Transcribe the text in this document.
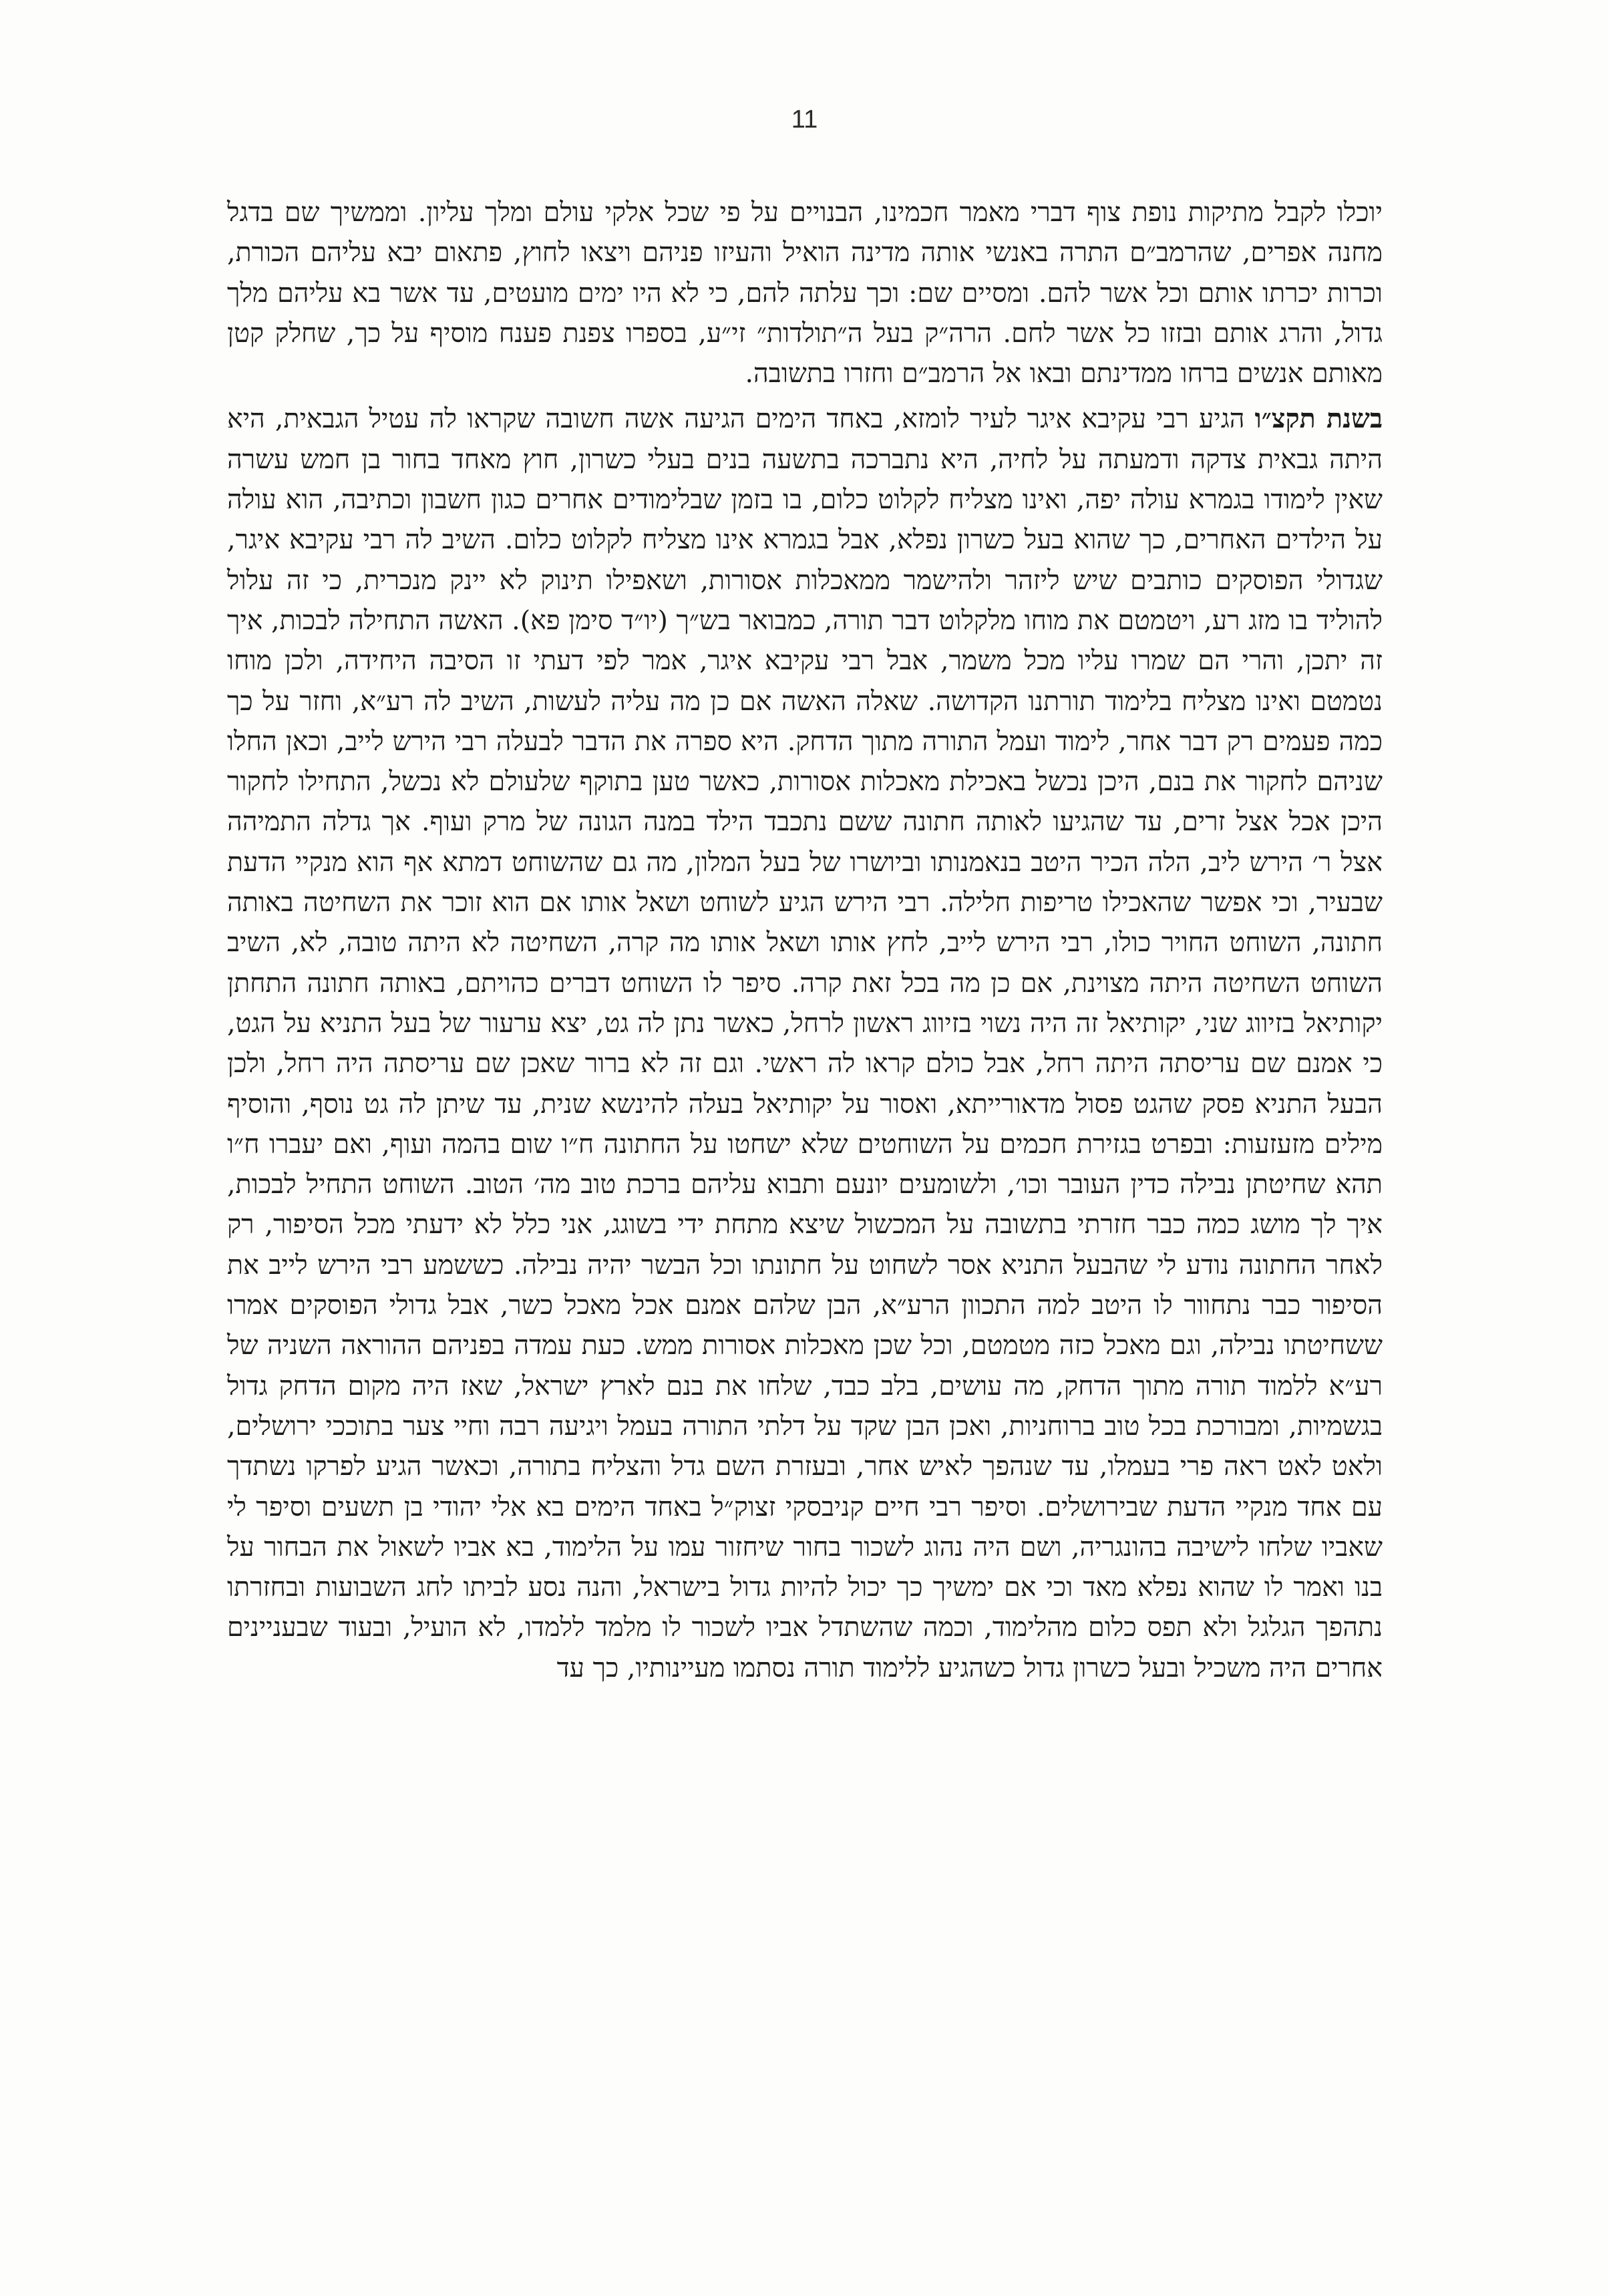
11

יוכלו לקבל מתיקות נופת צוף דברי מאמר חכמינו, הבנויים על פי שכל אלקי עולם ומלך עליון. וממשיך שם בדגל מחנה אפרים, שהרמב״ם התרה באנשי אותה מדינה הואיל והעיזו פניהם ויצאו לחוץ, פתאום יבא עליהם הכורת, וכרות יכרתו אותם וכל אשר להם. ומסיים שם: וכך עלתה להם, כי לא היו ימים מועטים, עד אשר בא עליהם מלך גדול, והרג אותם ובזזו כל אשר לחם. הרה״ק בעל ה״תולדות״ זי״ע, בספרו צפנת פענח מוסיף על כך, שחלק קטן מאותם אנשים ברחו ממדינתם ובאו אל הרמב״ם וחזרו בתשובה.

בשנת תקצ״ו הגיע רבי עקיבא איגר לעיר לומזא, באחד הימים הגיעה אשה חשובה שקראו לה עטיל הגבאית, היא היתה גבאית צדקה ודמעתה על לחיה, היא נתברכה בתשעה בנים בעלי כשרון, חוץ מאחד בחור בן חמש עשרה שאין לימודו בגמרא עולה יפה, ואינו מצליח לקלוט כלום, בו בזמן שבלימודים אחרים כגון חשבון וכתיבה, הוא עולה על הילדים האחרים, כך שהוא בעל כשרון נפלא, אבל בגמרא אינו מצליח לקלוט כלום. השיב לה רבי עקיבא איגר, שגדולי הפוסקים כותבים שיש ליזהר ולהישמר ממאכלות אסורות, ושאפילו תינוק לא יינק מנכרית, כי זה עלול להוליד בו מזג רע, ויטמטם את מוחו מלקלוט דבר תורה, כמבואר בש״ך (יו״ד סימן פא). האשה התחילה לבכות, איך זה יתכן, והרי הם שמרו עליו מכל משמר, אבל רבי עקיבא איגר, אמר לפי דעתי זו הסיבה היחידה, ולכן מוחו נטמטם ואינו מצליח בלימוד תורתנו הקדושה. שאלה האשה אם כן מה עליה לעשות, השיב לה רע״א, וחזר על כך כמה פעמים רק דבר אחר, לימוד ועמל התורה מתוך הדחק. היא ספרה את הדבר לבעלה רבי הירש לייב, וכאן החלו שניהם לחקור את בנם, היכן נכשל באכילת מאכלות אסורות, כאשר טען בתוקף שלעולם לא נכשל, התחילו לחקור היכן אכל אצל זרים, עד שהגיעו לאותה חתונה ששם נתכבד הילד במנה הגונה של מרק ועוף. אך גדלה התמיהה אצל ר׳ הירש ליב, הלה הכיר היטב בנאמנותו וביושרו של בעל המלון, מה גם שהשוחט דמתא אף הוא מנקיי הדעת שבעיר, וכי אפשר שהאכילו טריפות חלילה. רבי הירש הגיע לשוחט ושאל אותו אם הוא זוכר את השחיטה באותה חתונה, השוחט החויר כולו, רבי הירש לייב, לחץ אותו ושאל אותו מה קרה, השחיטה לא היתה טובה, לא, השיב השוחט השחיטה היתה מצוינת, אם כן מה בכל זאת קרה. סיפר לו השוחט דברים כהויתם, באותה חתונה התחתן יקותיאל בזיווג שני, יקותיאל זה היה נשוי בזיווג ראשון לרחל, כאשר נתן לה גט, יצא ערעור של בעל התניא על הגט, כי אמנם שם עריסתה היתה רחל, אבל כולם קראו לה ראשי. וגם זה לא ברור שאכן שם עריסתה היה רחל, ולכן הבעל התניא פסק שהגט פסול מדאורייתא, ואסור על יקותיאל בעלה להינשא שנית, עד שיתן לה גט נוסף, והוסיף מילים מזעזעות: ובפרט בגזירת חכמים על השוחטים שלא ישחטו על החתונה ח״ו שום בהמה ועוף, ואם יעברו ח״ו תהא שחיטתן נבילה כדין העובר וכו׳, ולשומעים יונעם ותבוא עליהם ברכת טוב מה׳ הטוב. השוחט התחיל לבכות, איך לך מושג כמה כבר חזרתי בתשובה על המכשול שיצא מתחת ידי בשוגג, אני כלל לא ידעתי מכל הסיפור, רק לאחר החתונה נודע לי שהבעל התניא אסר לשחוט על חתונתו וכל הבשר יהיה נבילה. כששמע רבי הירש לייב את הסיפור כבר נתחוור לו היטב למה התכוון הרע״א, הבן שלהם אמנם אכל מאכל כשר, אבל גדולי הפוסקים אמרו ששחיטתו נבילה, וגם מאכל כזה מטמטם, וכל שכן מאכלות אסורות ממש. כעת עמדה בפניהם ההוראה השניה של רע״א ללמוד תורה מתוך הדחק, מה עושים, בלב כבד, שלחו את בנם לארץ ישראל, שאז היה מקום הדחק גדול בגשמיות, ומבורכת בכל טוב ברוחניות, ואכן הבן שקד על דלתי התורה בעמל ויגיעה רבה וחיי צער בתוככי ירושלים, ולאט לאט ראה פרי בעמלו, עד שנהפך לאיש אחר, ובעזרת השם גדל והצליח בתורה, וכאשר הגיע לפרקו נשתדך עם אחד מנקיי הדעת שבירושלים. וסיפר רבי חיים קניבסקי זצוק״ל באחד הימים בא אלי יהודי בן תשעים וסיפר לי שאביו שלחו לישיבה בהונגריה, ושם היה נהוג לשכור בחור שיחזור עמו על הלימוד, בא אביו לשאול את הבחור על בנו ואמר לו שהוא נפלא מאד וכי אם ימשיך כך יכול להיות גדול בישראל, והנה נסע לביתו לחג השבועות ובחזרתו נתהפך הגלגל ולא תפס כלום מהלימוד, וכמה שהשתדל אביו לשכור לו מלמד ללמדו, לא הועיל, ובעוד שבעניינים אחרים היה משכיל ובעל כשרון גדול כשהגיע ללימוד תורה נסתמו מעיינותיו, כך עד
